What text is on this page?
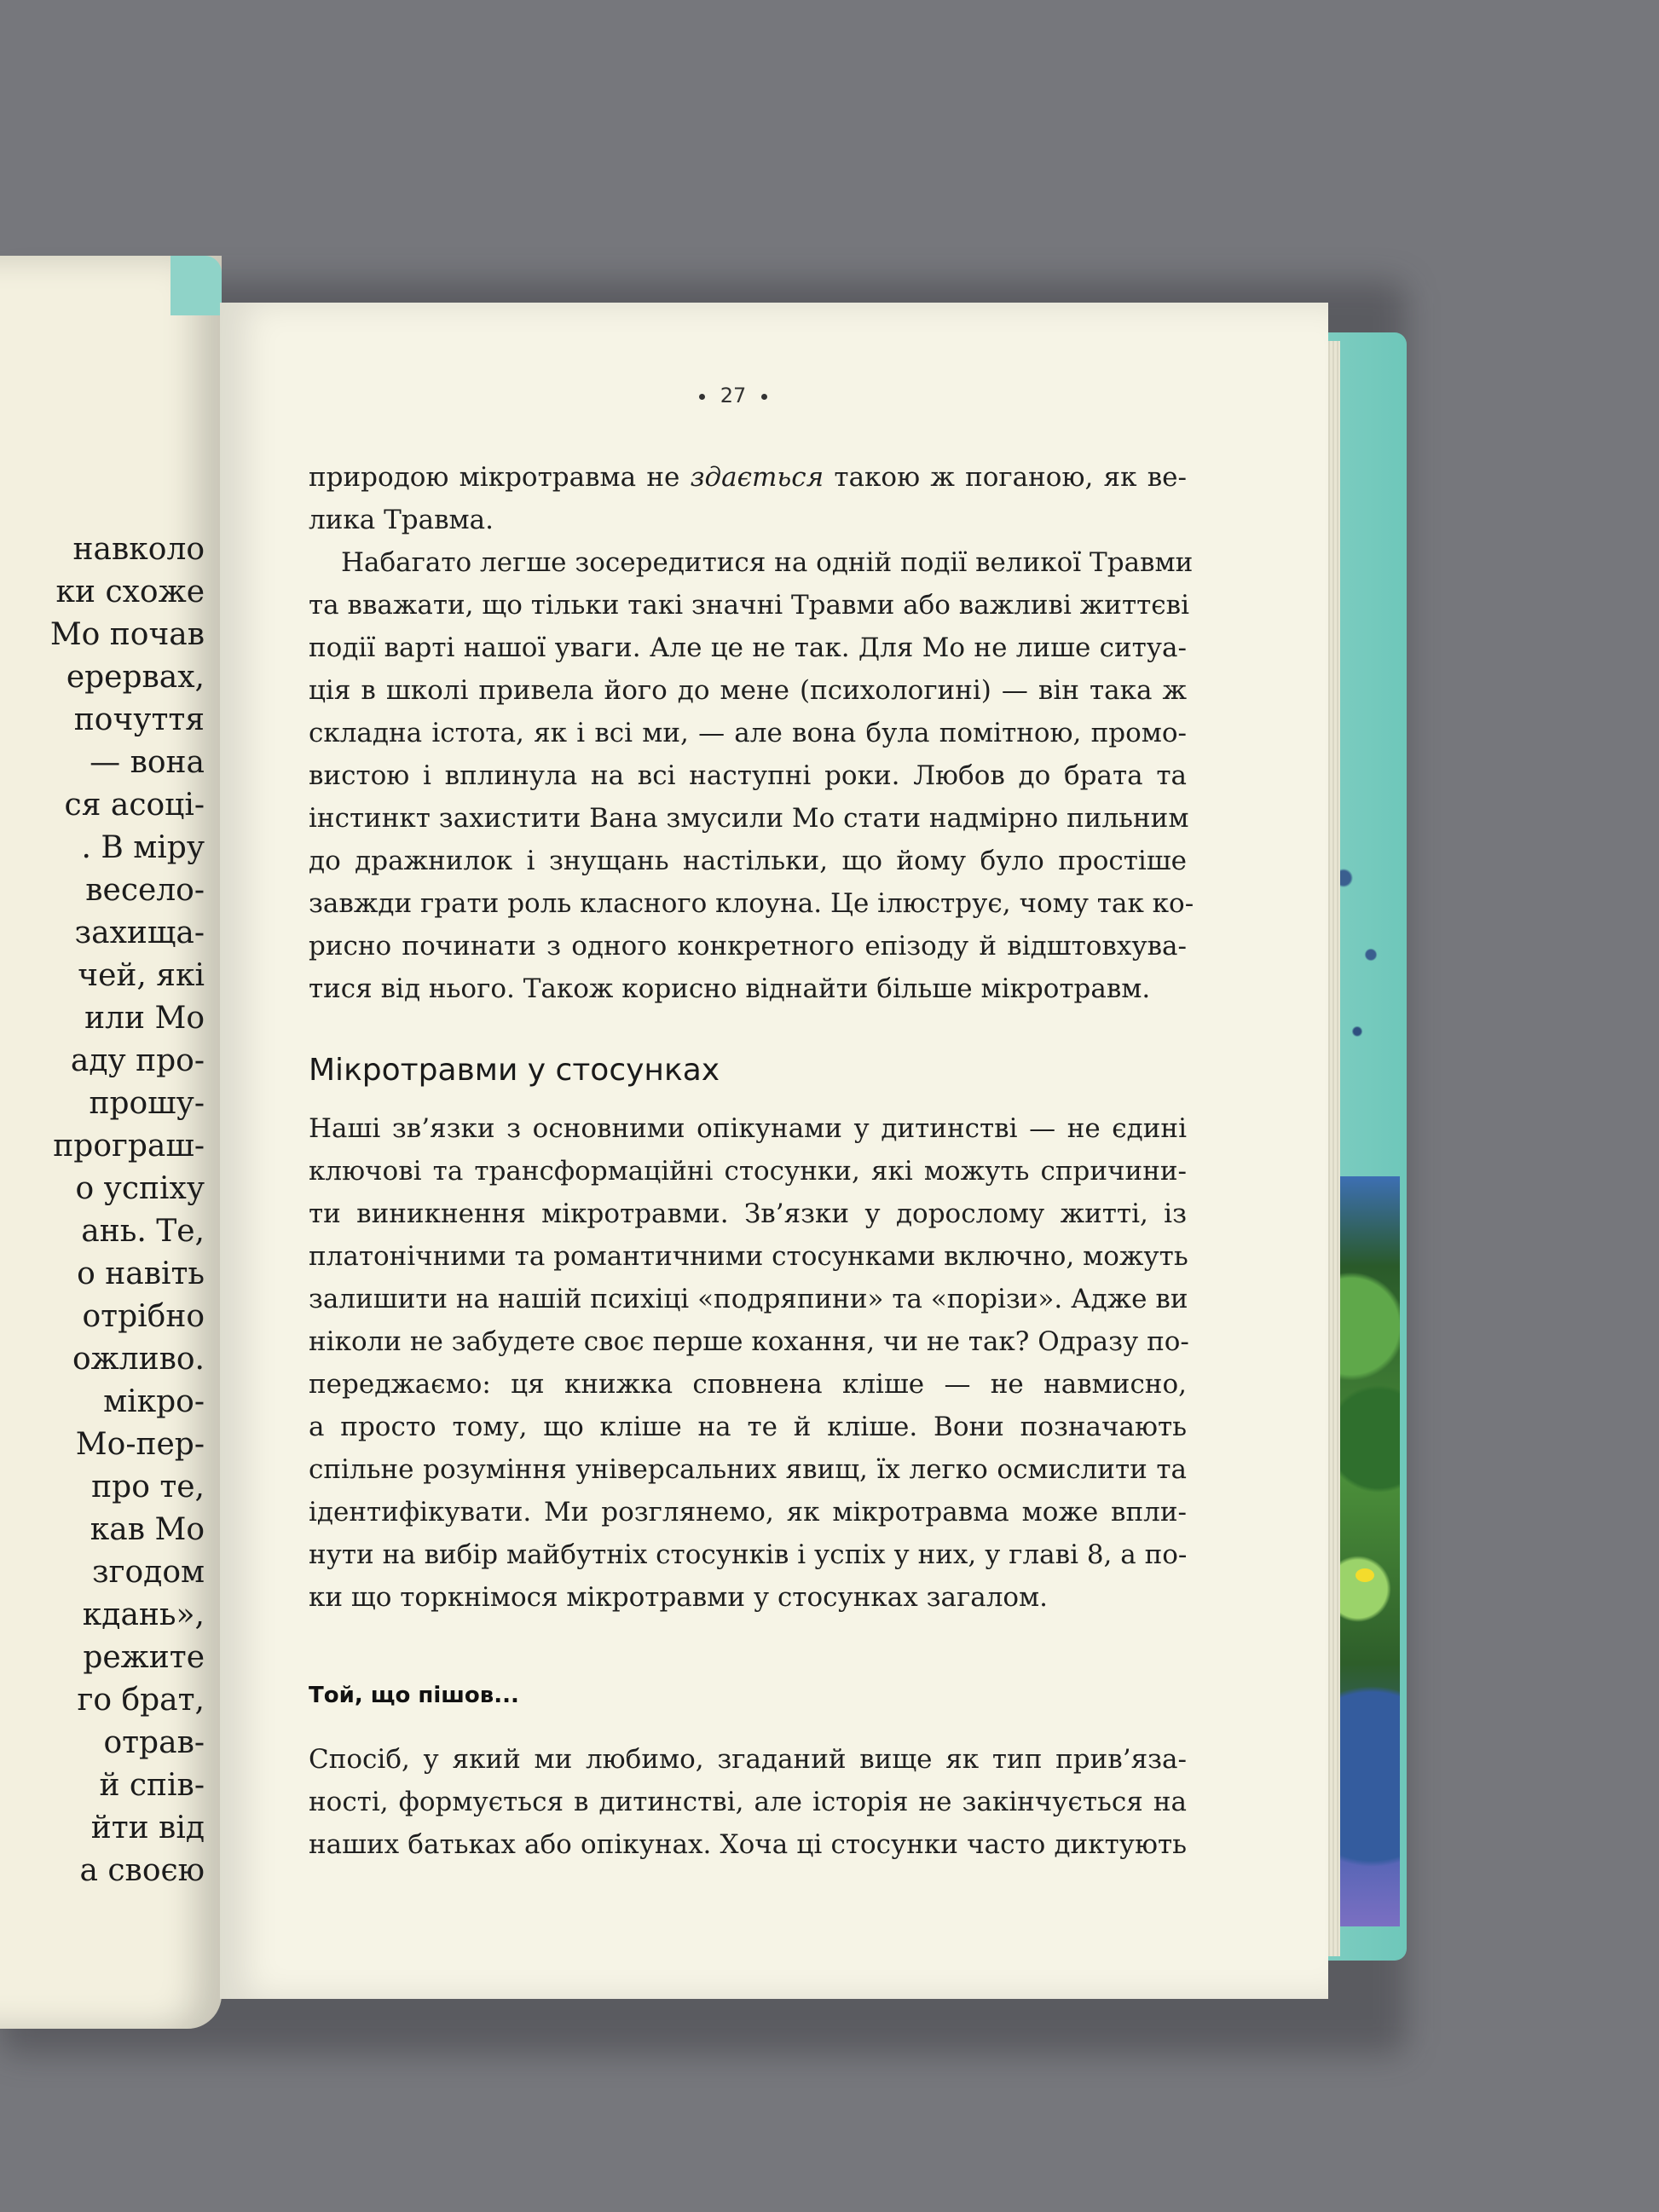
навколо
ки схоже
Мо почав
ерервах,
почуття
— вона
ся асоці-
. В міру
весело-
захища-
чей, які
или Мо
аду про-
прошу-
програш-
о успіху
ань. Те,
о навіть
отрібно
ожливо.
мікро-
Мо-пер-
про те,
кав Мо
згодом
кдань»,
режите
го брат,
отрав-
й спів-
йти від
а своєю
27
природою мікротравма не здається такою ж поганою, як ве-
лика Травма.
Набагато легше зосередитися на одній події великої Травми
та вважати, що тільки такі значні Травми або важливі життєві
події варті нашої уваги. Але це не так. Для Мо не лише ситуа-
ція в школі привела його до мене (психологині) — він така ж
складна істота, як і всі ми, — але вона була помітною, промо-
вистою і вплинула на всі наступні роки. Любов до брата та
інстинкт захистити Вана змусили Мо стати надмірно пильним
до дражнилок і знущань настільки, що йому було простіше
завжди грати роль класного клоуна. Це ілюструє, чому так ко-
рисно починати з одного конкретного епізоду й відштовхува-
тися від нього. Також корисно віднайти більше мікротравм.
Мікротравми у стосунках
Наші зв’язки з основними опікунами у дитинстві — не єдині
ключові та трансформаційні стосунки, які можуть спричини-
ти виникнення мікротравми. Зв’язки у дорослому житті, із
платонічними та романтичними стосунками включно, можуть
залишити на нашій психіці «подряпини» та «порізи». Адже ви
ніколи не забудете своє перше кохання, чи не так? Одразу по-
переджаємо: ця книжка сповнена кліше — не навмисно,
а просто тому, що кліше на те й кліше. Вони позначають
спільне розуміння універсальних явищ, їх легко осмислити та
ідентифікувати. Ми розглянемо, як мікротравма може впли-
нути на вибір майбутніх стосунків і успіх у них, у главі 8, а по-
ки що торкнімося мікротравми у стосунках загалом.
Той, що пішов...
Спосіб, у який ми любимо, згаданий вище як тип прив’яза-
ності, формується в дитинстві, але історія не закінчується на
наших батьках або опікунах. Хоча ці стосунки часто диктують
